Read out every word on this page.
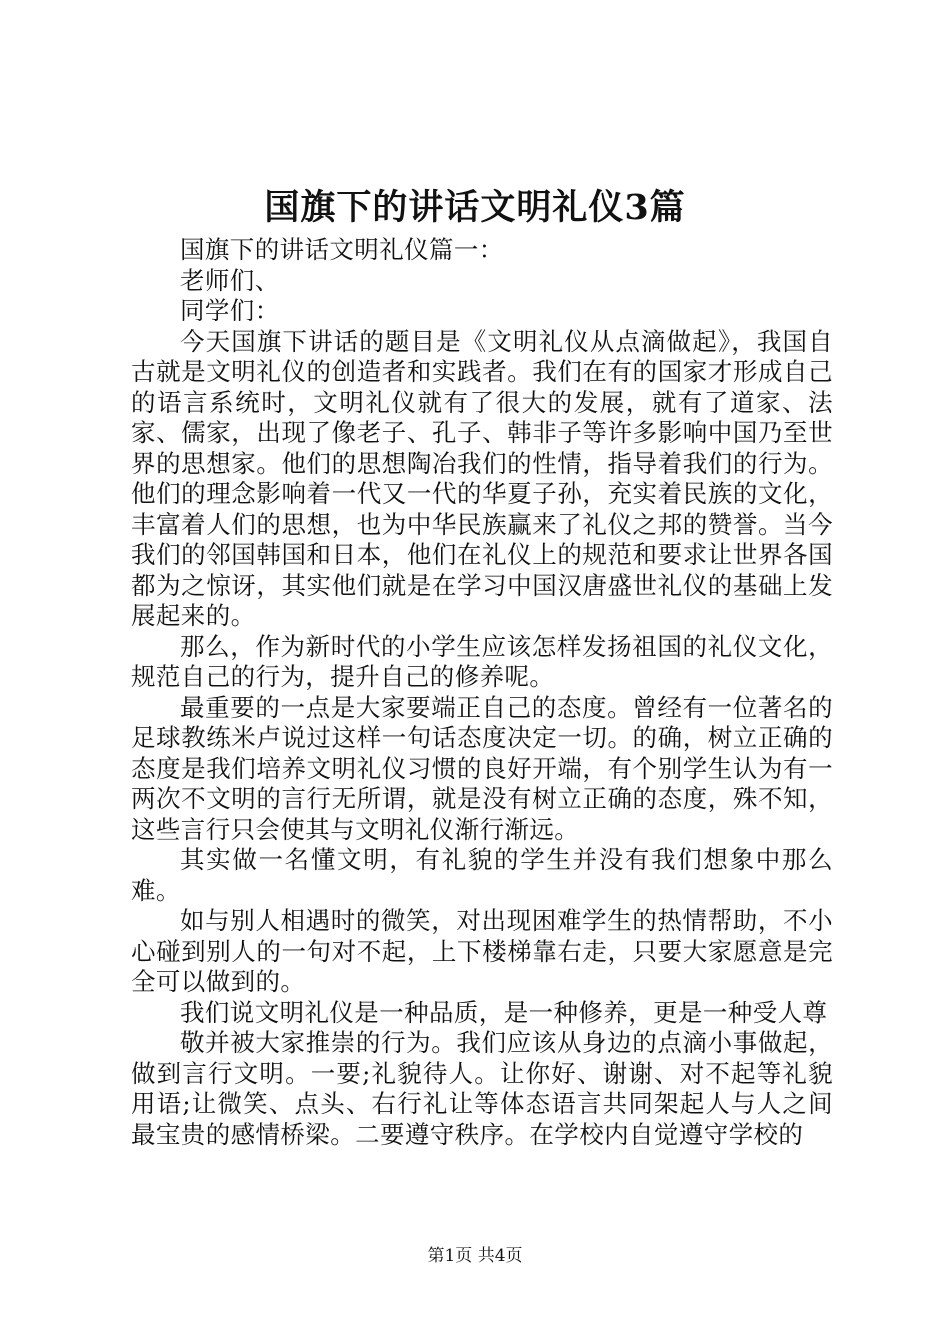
国旗下的讲话文明礼仪3篇

国旗下的讲话文明礼仪篇一：

老师们、

同学们：

今天国旗下讲话的题目是《文明礼仪从点滴做起》，我国自古就是文明礼仪的创造者和实践者。我们在有的国家才形成自己的语言系统时，文明礼仪就有了很大的发展，就有了道家、法家、儒家，出现了像老子、孔子、韩非子等许多影响中国乃至世界的思想家。他们的思想陶冶我们的性情，指导着我们的行为。他们的理念影响着一代又一代的华夏子孙，充实着民族的文化，丰富着人们的思想，也为中华民族赢来了礼仪之邦的赞誉。当今我们的邻国韩国和日本，他们在礼仪上的规范和要求让世界各国都为之惊讶，其实他们就是在学习中国汉唐盛世礼仪的基础上发展起来的。

那么，作为新时代的小学生应该怎样发扬祖国的礼仪文化，规范自己的行为，提升自己的修养呢。

最重要的一点是大家要端正自己的态度。曾经有一位著名的足球教练米卢说过这样一句话态度决定一切。的确，树立正确的态度是我们培养文明礼仪习惯的良好开端，有个别学生认为有一两次不文明的言行无所谓，就是没有树立正确的态度，殊不知，这些言行只会使其与文明礼仪渐行渐远。

其实做一名懂文明，有礼貌的学生并没有我们想象中那么难。

如与别人相遇时的微笑，对出现困难学生的热情帮助，不小心碰到别人的一句对不起，上下楼梯靠右走，只要大家愿意是完全可以做到的。

我们说文明礼仪是一种品质，是一种修养，更是一种受人尊

敬并被大家推崇的行为。我们应该从身边的点滴小事做起，做到言行文明。一要;礼貌待人。让你好、谢谢、对不起等礼貌用语;让微笑、点头、右行礼让等体态语言共同架起人与人之间最宝贵的感情桥梁。二要遵守秩序。在学校内自觉遵守学校的

第1页 共4页
